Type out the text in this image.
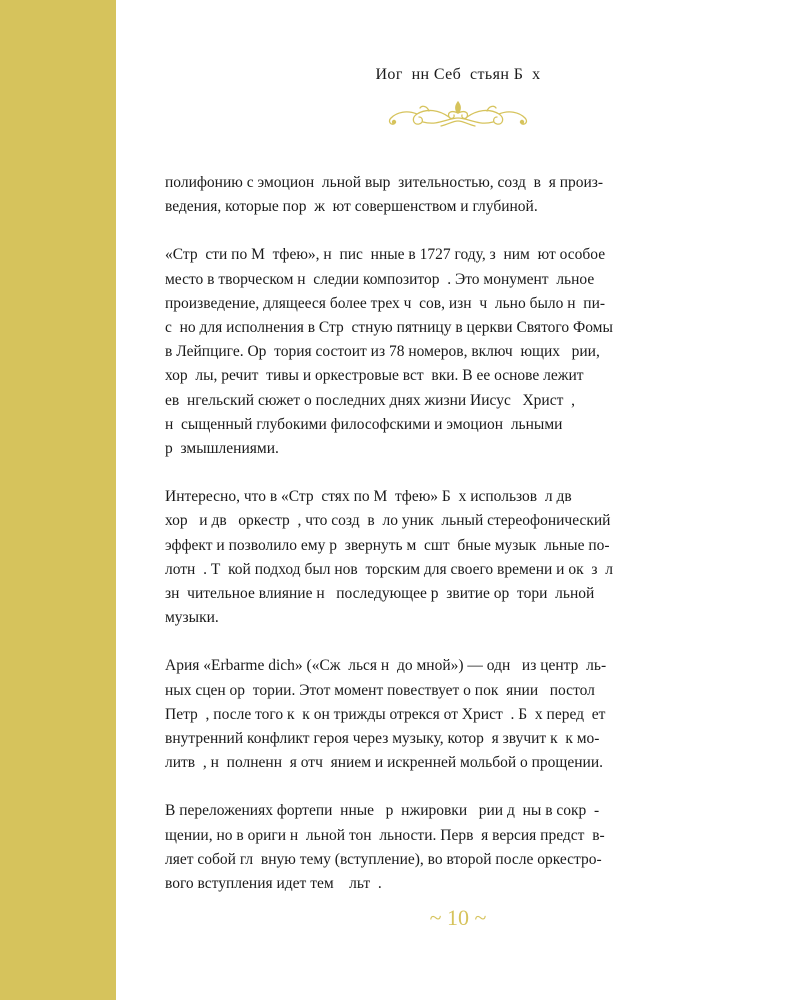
Иог  нн Себ  стьян Б  х

полифонию с эмоцион  льной выр  зительностью, созд  в  я произ-
ведения, которые пор  ж  ют совершенством и глубиной.

«Стр  сти по М  тфею», н  пис  нные в 1727 году, з  ним  ют особое
место в творческом н  следии композитор  . Это монумент  льное
произведение, длящееся более трех ч  сов, изн  ч  льно было н  пи-
с  но для исполнения в Стр  стную пятницу в церкви Святого Фомы
в Лейпциге. Ор  тория состоит из 78 номеров, включ  ющих   рии,
хор  лы, речит  тивы и оркестровые вст  вки. В ее основе лежит
ев  нгельский сюжет о последних днях жизни Иисус   Христ  ,
н  сыщенный глубокими философскими и эмоцион  льными
р  змышлениями.

Интересно, что в «Стр  стях по М  тфею» Б  х использов  л дв
хор   и дв   оркестр  , что созд  в  ло уник  льный стереофонический
эффект и позволило ему р  звернуть м  сшт  бные музык  льные по-
лотн  . Т  кой подход был нов  торским для своего времени и ок  з  л
зн  чительное влияние н   последующее р  звитие ор  тори  льной
музыки.

Ария «Erbarme dich» («Сж  лься н  до мной») — одн   из центр  ль-
ных сцен ор  тории. Этот момент повествует о пок  янии   постол
Петр  , после того к  к он трижды отрекся от Христ  . Б  х перед  ет
внутренний конфликт героя через музыку, котор  я звучит к  к мо-
литв  , н  полненн  я отч  янием и искренней мольбой о прощении.

В переложениях фортепи  нные   р  нжировки   рии д  ны в сокр  -
щении, но в ориги н  льной тон  льности. Перв  я версия предст  в-
ляет собой гл  вную тему (вступление), во второй после оркестро-
вого вступления идет тем    льт  .

~ 10 ~
